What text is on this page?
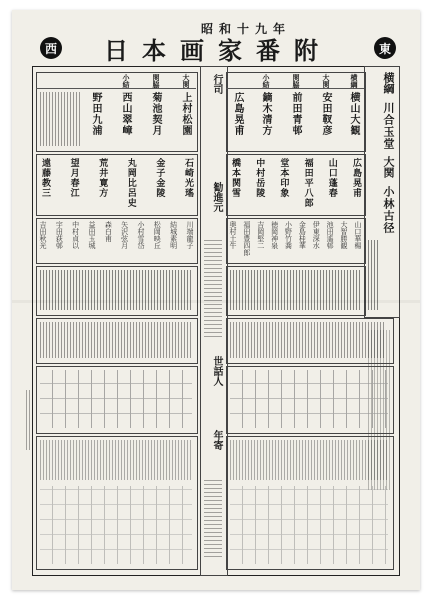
昭和十九年
西 日本画家番附	東
行司
勧進元
世話人
年寄
横綱
川合玉堂
大関
小林古径
横綱
大関
関脇
小結
横山大観
安田靫彦
前田青邨
鏑木清方
広島晃甫
広島晃甫
山口蓬春
福田平八郎
堂本印象
中村岳陵
橋本関雪
山口華楊
大智勝観
池田遙邨
伊東深水
金島桂華
小野竹喬
徳岡神泉
吉岡堅二
福田豊四郎
奥村土牛
大関
関脇
小結
上村松園
菊池契月
西山翠嶂
野田九浦
石崎光瑤
金子金陵
丸岡比呂史
荒井寛方
望月春江
遠藤教三
川端龍子
結城素明
松岡映丘
小村雪岱
矢沢弦月
森白甫
益田玉城
中村貞以
宇田荻邨
吉田秋光
